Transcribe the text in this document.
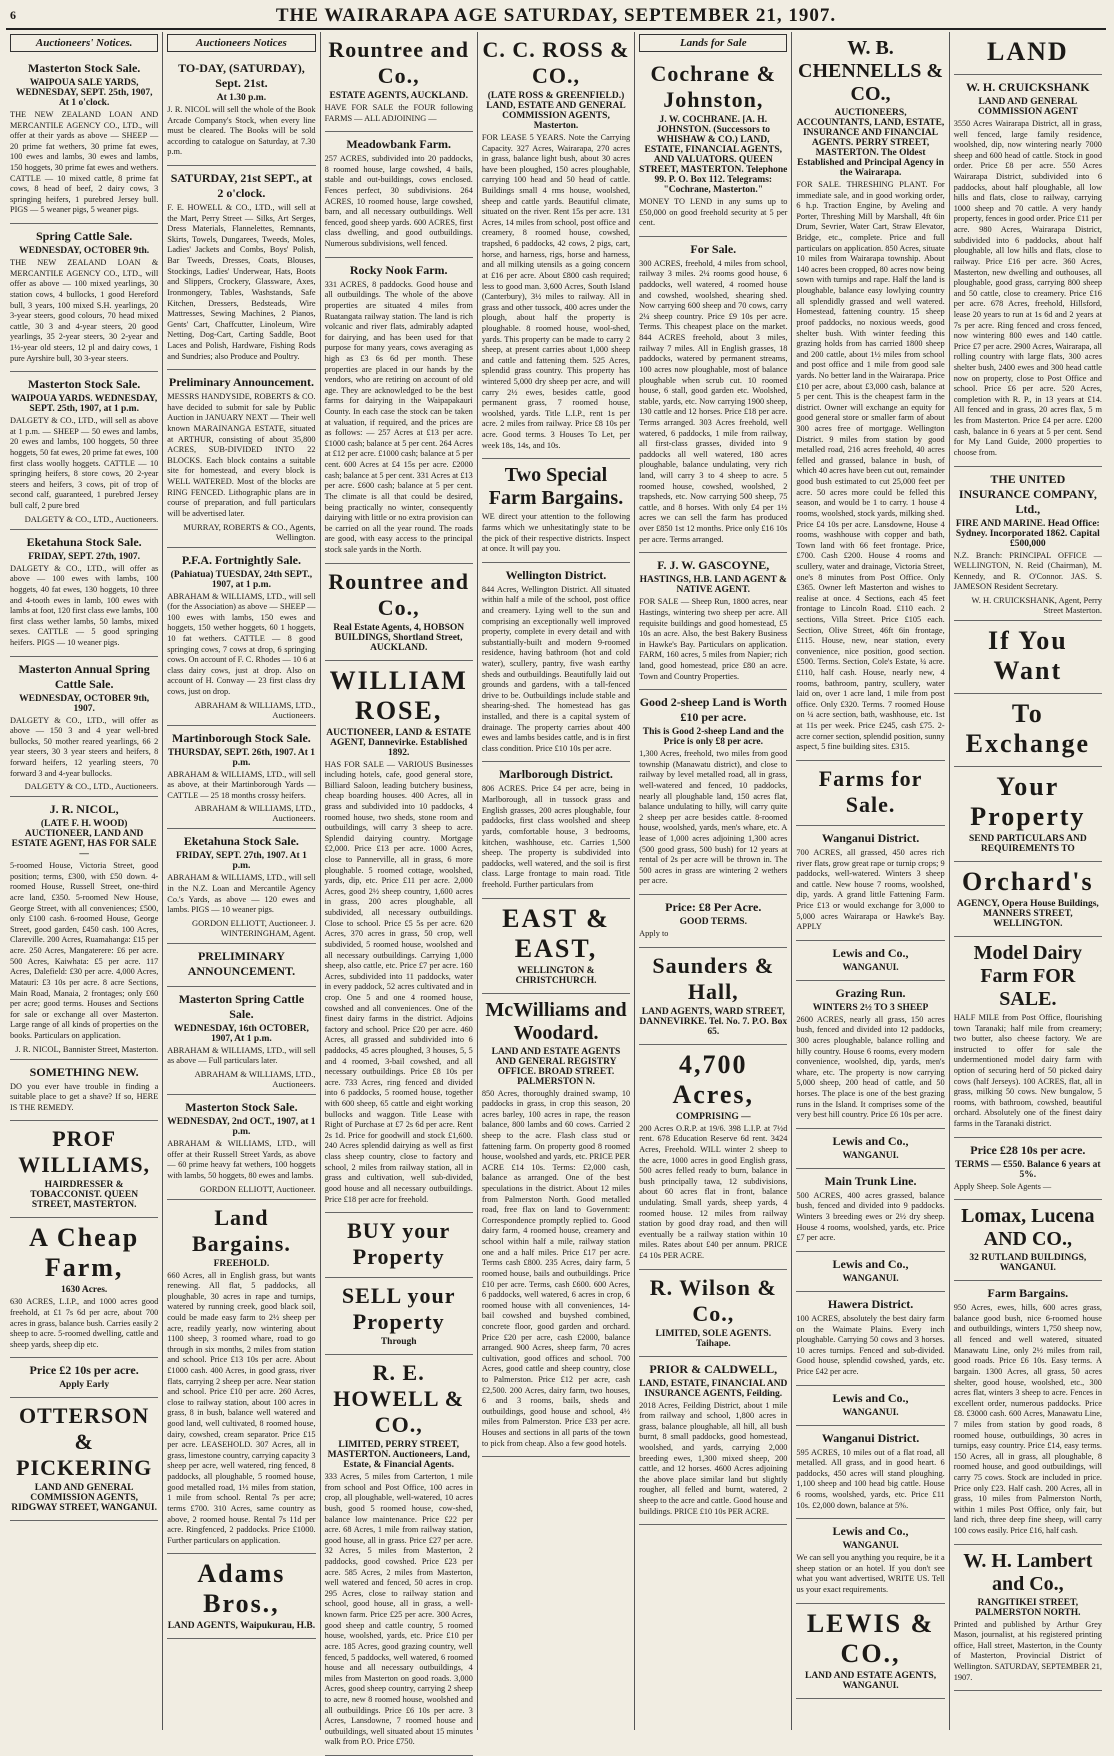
6	THE WAIRARAPA AGE SATURDAY, SEPTEMBER 21, 1907.
Auctioneers' Notices.
Masterton Stock Sale.
WAIPOUA SALE YARDS, WEDNESDAY, SEPT. 25th, 1907, At 1 o'clock.
THE NEW ZEALAND LOAN AND MERCANTILE AGENCY CO., LTD., will offer at their yards as above — SHEEP — 20 prime fat wethers, 30 prime fat ewes, 100 ewes and lambs, 30 ewes and lambs, 150 hoggets, 30 prime fat ewes and wethers. CATTLE — 10 mixed cattle, 8 prime fat cows, 8 head of beef, 2 dairy cows, 3 springing heifers, 1 purebred Jersey bull. PIGS — 5 weaner pigs, 5 weaner pigs.
Spring Cattle Sale.
WEDNESDAY, OCTOBER 9th.
THE NEW ZEALAND LOAN & MERCANTILE AGENCY CO., LTD., will offer as above — 100 mixed yearlings, 30 station cows, 4 bullocks, 1 good Hereford bull, 3 years, 100 mixed S.H. yearlings, 20 3-year steers, good colours, 70 head mixed cattle, 30 3 and 4-year steers, 20 good yearlings, 35 2-year steers, 30 2-year and 1½-year old steers, 12 pl and dairy cows, 1 pure Ayrshire bull, 30 3-year steers.
Masterton Stock Sale.
WAIPOUA YARDS. WEDNESDAY, SEPT. 25th, 1907, at 1 p.m.
DALGETY & CO., LTD., will sell as above at 1 p.m. — SHEEP — 50 ewes and lambs, 20 ewes and lambs, 100 hoggets, 50 three hoggets, 50 fat ewes, 20 prime fat ewes, 100 first class woolly hoggets. CATTLE — 10 springing heifers, 8 store cows, 20 2-year steers and heifers, 3 cows, pit of trop of second calf, guaranteed, 1 purebred Jersey bull calf, 2 pure bred
DALGETY & CO., LTD., Auctioneers.
Eketahuna Stock Sale.
FRIDAY, SEPT. 27th, 1907.
DALGETY & CO., LTD., will offer as above — 100 ewes with lambs, 100 hoggets, 40 fat ewes, 130 hoggets, 10 three and 4-tooth ewes in lamb, 100 ewes with lambs at foot, 120 first class ewe lambs, 100 first class wether lambs, 50 lambs, mixed sexes. CATTLE — 5 good springing heifers. PIGS — 10 weaner pigs.
Masterton Annual Spring Cattle Sale.
WEDNESDAY, OCTOBER 9th, 1907.
DALGETY & CO., LTD., will offer as above — 150 3 and 4 year well-bred bullocks, 50 mother reared yearlings, 66 2 year steers, 30 3 year steers and heifers, 8 forward heifers, 12 yearling steers, 70 forward 3 and 4-year bullocks.
DALGETY & CO., LTD., Auctioneers.
J. R. NICOL,
(LATE F. H. WOOD) AUCTIONEER, LAND AND ESTATE AGENT, HAS FOR SALE —
5-roomed House, Victoria Street, good position; terms, £300, with £50 down. 4-roomed House, Russell Street, one-third acre land, £350. 5-roomed New House, George Street, with all conveniences; £500, only £100 cash. 6-roomed House, George Street, good garden, £450 cash. 100 Acres, Clareville. 200 Acres, Ruamahanga: £15 per acre. 250 Acres, Mangaterere: £6 per acre. 500 Acres, Kaiwhata: £5 per acre. 117 Acres, Dalefield: £30 per acre. 4,000 Acres, Matauri: £3 10s per acre. 8 acre Sections, Main Road, Manaia, 2 frontages; only £60 per acre; good terms. Houses and Sections for sale or exchange all over Masterton. Large range of all kinds of properties on the books. Particulars on application.
J. R. NICOL, Bannister Street, Masterton.
SOMETHING NEW.
DO you ever have trouble in finding a suitable place to get a shave? If so, HERE IS THE REMEDY.
PROF WILLIAMS,
HAIRDRESSER & TOBACCONIST. QUEEN STREET, MASTERTON.
A Cheap Farm,
1630 Acres.
630 ACRES, L.I.P., and 1000 acres good freehold, at £1 7s 6d per acre, about 700 acres in grass, balance bush. Carries easily 2 sheep to acre. 5-roomed dwelling, cattle and sheep yards, sheep dip etc.
Price £2 10s per acre.
Apply Early
OTTERSON & PICKERING
LAND AND GENERAL COMMISSION AGENTS, RIDGWAY STREET, WANGANUI.
Auctioneers Notices
TO-DAY, (SATURDAY), Sept. 21st.
At 1.30 p.m.
J. R. NICOL will sell the whole of the Book Arcade Company's Stock, when every line must be cleared. The Books will be sold according to catalogue on Saturday, at 7.30 p.m.
SATURDAY, 21st SEPT., at 2 o'clock.
F. E. HOWELL & CO., LTD., will sell at the Mart, Perry Street — Silks, Art Serges, Dress Materials, Flannelettes, Remnants, Skirts, Towels, Dungarees, Tweeds, Moles, Ladies' Jackets and Combs, Boys' Polish, Bar Tweeds, Dresses, Coats, Blouses, Stockings, Ladies' Underwear, Hats, Boots and Slippers, Crockery, Glassware, Axes, Ironmongery, Tables, Washstands, Safe Kitchen, Dressers, Bedsteads, Wire Mattresses, Sewing Machines, 2 Pianos, Gents' Cart, Chaffcutter, Linoleum, Wire Netting, Dog-Cart, Carting Saddle, Boot Laces and Polish, Hardware, Fishing Rods and Sundries; also Produce and Poultry.
Preliminary Announcement.
MESSRS HANDYSIDE, ROBERTS & CO. have decided to submit for sale by Public Auction in JANUARY NEXT — Their well known MARAINANGA ESTATE, situated at ARTHUR, consisting of about 35,800 ACRES, SUB-DIVIDED INTO 22 BLOCKS. Each block contains a suitable site for homestead, and every block is WELL WATERED. Most of the blocks are RING FENCED. Lithographic plans are in course of preparation, and full particulars will be advertised later.
MURRAY, ROBERTS & CO., Agents, Wellington.
P.F.A. Fortnightly Sale.
(Pahiatua) TUESDAY, 24th SEPT., 1907, at 1 p.m.
ABRAHAM & WILLIAMS, LTD., will sell (for the Association) as above — SHEEP — 100 ewes with lambs, 150 ewes and hoggets, 150 wether hoggets, 60 1 hoggets, 10 fat wethers. CATTLE — 8 good springing cows, 7 cows at drop, 6 springing cows. On account of F. C. Rhodes — 10 6 at class dairy cows, just at drop. Also on account of H. Conway — 23 first class dry cows, just on drop.
ABRAHAM & WILLIAMS, LTD., Auctioneers.
Martinborough Stock Sale.
THURSDAY, SEPT. 26th, 1907. At 1 p.m.
ABRAHAM & WILLIAMS, LTD., will sell as above, at their Martinborough Yards — CATTLE — 25 18 months crossy heifers.
ABRAHAM & WILLIAMS, LTD., Auctioneers.
Eketahuna Stock Sale.
FRIDAY, SEPT. 27th, 1907. At 1 p.m.
ABRAHAM & WILLIAMS, LTD., will sell in the N.Z. Loan and Mercantile Agency Co.'s Yards, as above — 120 ewes and lambs. PIGS — 10 weaner pigs.
GORDON ELLIOTT, Auctioneer. J. WINTERINGHAM, Agent.
PRELIMINARY ANNOUNCEMENT.
Masterton Spring Cattle Sale.
WEDNESDAY, 16th OCTOBER, 1907, At 1 p.m.
ABRAHAM & WILLIAMS, LTD., will sell as above — Full particulars later.
ABRAHAM & WILLIAMS, LTD., Auctioneers.
Masterton Stock Sale.
WEDNESDAY, 2nd OCT., 1907, at 1 p.m.
ABRAHAM & WILLIAMS, LTD., will offer at their Russell Street Yards, as above — 60 prime heavy fat wethers, 100 hoggets with lambs, 50 hoggets, 80 ewes and lambs.
GORDON ELLIOTT, Auctioneer.
Land Bargains.
FREEHOLD.
660 Acres, all in English grass, but wants renewing. All flat, 5 paddocks, all ploughable, 30 acres in rape and turnips, watered by running creek, good black soil, could be made easy farm to 2½ sheep per acre, readily yearly, now wintering about 1100 sheep, 3 roomed whare, road to go through in six months, 2 miles from station and school. Price £13 10s per acre. About £1000 cash. 400 Acres, in good grass, river flats, carrying 2 sheep per acre. Near station and school. Price £10 per acre. 260 Acres, close to railway station, about 100 acres in grass, 8 in bush, balance well watered and good land, well cultivated, 8 roomed house, dairy, cowshed, cream separator. Price £15 per acre. LEASEHOLD. 307 Acres, all in grass, limestone country, carrying capacity 3 sheep per acre, well watered, ring fenced, 8 paddocks, all ploughable, 5 roomed house, good metalled road, 1½ miles from station, 1 mile from school. Rental 7s per acre; terms £700. 310 Acres, same country as above, 2 roomed house. Rental 7s 11d per acre. Ringfenced, 2 paddocks. Price £1000. Further particulars on application.
Adams Bros.,
LAND AGENTS, Waipukurau, H.B.
Rountree and Co.,
ESTATE AGENTS, AUCKLAND.
HAVE FOR SALE the FOUR following FARMS — ALL ADJOINING —
Meadowbank Farm.
257 ACRES, subdivided into 20 paddocks, 8 roomed house, large cowshed, 4 bails, stable and out-buildings, cows enclosed. Fences perfect, 30 subdivisions. 264 ACRES, 10 roomed house, large cowshed, barn, and all necessary outbuildings. Well fenced, good sheep yards. 600 ACRES, first class dwelling, and good outbuildings. Numerous subdivisions, well fenced.
Rocky Nook Farm.
331 ACRES, 8 paddocks. Good house and all outbuildings. The whole of the above properties are situated 4 miles from Ruatangata railway station. The land is rich volcanic and river flats, admirably adapted for dairying, and has been used for that purpose for many years, cows averaging as high as £3 6s 6d per month. These properties are placed in our hands by the vendors, who are retiring on account of old age. They are acknowledged to be the best farms for dairying in the Waipapakauri County. In each case the stock can be taken at valuation, if required, and the prices are as follows: — 257 Acres at £13 per acre. £1000 cash; balance at 5 per cent. 264 Acres at £12 per acre. £1000 cash; balance at 5 per cent. 600 Acres at £4 15s per acre. £2000 cash; balance at 5 per cent. 331 Acres at £13 per acre. £600 cash; balance at 5 per cent. The climate is all that could be desired, being practically no winter, consequently dairying with little or no extra provision can be carried on all the year round. The roads are good, with easy access to the principal stock sale yards in the North.
Rountree and Co.,
Real Estate Agents, 4, HOBSON BUILDINGS, Shortland Street, AUCKLAND.
WILLIAM ROSE,
AUCTIONEER, LAND & ESTATE AGENT, Dannevirke. Established 1892.
HAS FOR SALE — VARIOUS Businesses including hotels, cafe, good general store, Billiard Saloon, leading butchery business, cheap boarding houses. 400 Acres, all in grass and subdivided into 10 paddocks, 4 roomed house, two sheds, stone room and outbuildings, will carry 3 sheep to acre. Splendid dairying country. Mortgage £2,000. Price £13 per acre. 1000 Acres, close to Pannerville, all in grass, 6 more ploughable. 5 roomed cottage, woolshed, yards, dip, etc. Price £11 per acre. 2,000 Acres, good 2½ sheep country, 1,600 acres in grass, 200 acres ploughable, all subdivided, all necessary outbuildings. Close to school. Price £5 5s per acre. 620 Acres, 370 acres in grass, 50 crop, well subdivided, 5 roomed house, woolshed and all necessary outbuildings. Carrying 1,000 sheep, also cattle, etc. Price £7 per acre. 160 Acres, subdivided into 11 paddocks, water in every paddock, 52 acres cultivated and in crop. One 5 and one 4 roomed house, cowshed and all conveniences. One of the finest dairy farms in the district. Adjoins factory and school. Price £20 per acre. 460 Acres, all grassed and subdivided into 6 paddocks, 45 acres ploughed, 3 houses, 5, 5 and 4 roomed, 3-bail cowshed, and all necessary outbuildings. Price £8 10s per acre. 733 Acres, ring fenced and divided into 6 paddocks, 5 roomed house, together with 600 sheep, 65 cattle and eight working bullocks and waggon. Title Lease with Right of Purchase at £7 2s 6d per acre. Rent 2s 1d. Price for goodwill and stock £1,600. 240 Acres splendid dairying as well as first class sheep country, close to factory and school, 2 miles from railway station, all in grass and cultivation, well sub-divided, good house and all necessary outbuildings. Price £18 per acre for freehold.
BUY your Property
SELL your Property
Through
R. E. HOWELL & CO.,
LIMITED, PERRY STREET, MASTERTON. Auctioneers, Land, Estate, & Financial Agents.
333 Acres, 5 miles from Carterton, 1 mile from school and Post Office, 100 acres in crop, all ploughable, well-watered, 10 acres bush, good 5 roomed house, cow-shed, balance low maintenance. Price £22 per acre. 68 Acres, 1 mile from railway station, good house, all in grass. Price £27 per acre. 32 Acres, 5 miles from Masterton, 2 paddocks, good cowshed. Price £23 per acre. 585 Acres, 2 miles from Masterton, well watered and fenced, 50 acres in crop. 295 Acres, close to railway station and school, good house, all in grass, a well-known farm. Price £25 per acre. 300 Acres, good sheep and cattle country, 5 roomed house, woolshed, yards, etc. Price £10 per acre. 185 Acres, good grazing country, well fenced, 5 paddocks, well watered, 6 roomed house and all necessary outbuildings, 4 miles from Masterton on good roads. 3,000 Acres, good sheep country, carrying 2 sheep to acre, new 8 roomed house, woolshed and all outbuildings. Price £6 10s per acre. 3 Acres, Lansdowne, 7 roomed house and outbuildings, well situated about 15 minutes walk from P.O. Price £750.
C. C. ROSS & CO.,
(LATE ROSS & GREENFIELD.) LAND, ESTATE AND GENERAL COMMISSION AGENTS, Masterton.
FOR LEASE 5 YEARS. Note the Carrying Capacity. 327 Acres, Wairarapa, 270 acres in grass, balance light bush, about 30 acres have been ploughed, 150 acres ploughable, carrying 100 head and 50 head of cattle. Buildings small 4 rms house, woolshed, sheep and cattle yards. Beautiful climate, situated on the river. Rent 15s per acre. 131 Acres, 14 miles from school, post office and creamery, 8 roomed house, cowshed, trapshed, 6 paddocks, 42 cows, 2 pigs, cart, horse, and harness, rigs, horse and harness, and all milking utensils as a going concern at £16 per acre. About £800 cash required; less to good man. 3,600 Acres, South Island (Canterbury), 3½ miles to railway. All in grass and other tussock, 400 acres under the plough, about half the property is ploughable. 8 roomed house, wool-shed, yards. This property can be made to carry 2 sheep, at present carries about 1,000 sheep and cattle and fattening them. 525 Acres, splendid grass country. This property has wintered 5,000 dry sheep per acre, and will carry 2½ ewes, besides cattle, good permanent grass, 7 roomed house, woolshed, yards. Title L.I.P., rent 1s per acre. 2 miles from railway. Price £8 10s per acre. Good terms. 3 Houses To Let, per week 18s, 14s, and 10s.
Two Special Farm Bargains.
WE direct your attention to the following farms which we unhesitatingly state to be the pick of their respective districts. Inspect at once. It will pay you.
Wellington District.
844 Acres, Wellington District. All situated within half a mile of the school, post office and creamery. Lying well to the sun and comprising an exceptionally well improved property, complete in every detail and with substantially-built and modern 9-roomed residence, having bathroom (hot and cold water), scullery, pantry, five wash earthy sheds and outbuildings. Beautifully laid out grounds and gardens, with a tall-fenced drive to be. Outbuildings include stable and shearing-shed. The homestead has gas installed, and there is a capital system of drainage. The property carries about 400 ewes and lambs besides cattle, and is in first class condition. Price £10 10s per acre.
Marlborough District.
806 ACRES. Price £4 per acre, being in Marlborough, all in tussock grass and English grasses, 200 acres ploughable, four paddocks, first class woolshed and sheep yards, comfortable house, 3 bedrooms, kitchen, washhouse, etc. Carries 1,500 sheep. The property is subdivided into paddocks, well watered, and the soil is first class. Large frontage to main road. Title freehold. Further particulars from
EAST & EAST,
WELLINGTON & CHRISTCHURCH.
McWilliams and Woodard.
LAND AND ESTATE AGENTS AND GENERAL REGISTRY OFFICE. BROAD STREET. PALMERSTON N.
850 Acres, thoroughly drained swamp, 10 paddocks in grass, in crop this season, 20 acres barley, 100 acres in rape, the reason balance, 800 lambs and 60 cows. Carried 2 sheep to the acre. Flash class stud or fattening farm. On property good 8 roomed house, woolshed and yards, etc. PRICE PER ACRE £14 10s. Terms: £2,000 cash, balance as arranged. One of the best speculations in the district. About 12 miles from Palmerston North. Good metalled road, free flax on land to Government: Correspondence promptly replied to. Good dairy farm, 4 roomed house, creamery and school within half a mile, railway station one and a half miles. Price £17 per acre. Terms cash £800. 235 Acres, dairy farm, 5 roomed house, bails and outbuildings. Price £10 per acre. Terms, cash £600. 600 Acres, 6 paddocks, well watered, 6 acres in crop, 6 roomed house with all conveniences, 14-bail cowshed and buyshed combined, concrete floor, good garden and orchard. Price £20 per acre, cash £2000, balance arranged. 900 Acres, sheep farm, 70 acres cultivation, good offices and school. 700 Acres, good cattle and sheep country, close to Palmerston. Price £12 per acre, cash £2,500. 200 Acres, dairy farm, two houses, 6 and 3 rooms, bails, sheds and outbuildings, good house and school, 4½ miles from Palmerston. Price £33 per acre. Houses and sections in all parts of the town to pick from cheap. Also a few good hotels.
Lands for Sale
Cochrane & Johnston,
J. W. COCHRANE. [A. H. JOHNSTON. (Successors to WHISHAW & CO.) LAND, ESTATE, FINANCIAL AGENTS, AND VALUATORS. QUEEN STREET, MASTERTON. Telephone 99. P. O. Box 112. Telegrams: "Cochrane, Masterton."
MONEY TO LEND in any sums up to £50,000 on good freehold security at 5 per cent.
For Sale.
300 ACRES, freehold, 4 miles from school, railway 3 miles. 2¼ rooms good house, 6 paddocks, well watered, 4 roomed house and cowshed, woolshed, shearing shed. Now carrying 600 sheep and 70 cows, carry 2¼ sheep country. Price £9 10s per acre. Terms. This cheapest place on the market. 844 ACRES freehold, about 3 miles, railway 7 miles. All in English grasses, 18 paddocks, watered by permanent streams, 100 acres now ploughable, most of balance ploughable when scrub cut. 10 roomed house, 6 stall, good garden etc. Woolshed, stable, yards, etc. Now carrying 1900 sheep, 130 cattle and 12 horses. Price £18 per acre. Terms arranged. 303 Acres freehold, well watered, 6 paddocks, 1 mile from railway, all first-class grasses, divided into 9 paddocks all well watered, 180 acres ploughable, balance undulating, very rich land, will carry 3 to 4 sheep to acre. 5 roomed house, cowshed, woolshed, 2 trapsheds, etc. Now carrying 500 sheep, 75 cattle, and 8 horses. With only £4 per 1½ acres we can sell the farm has produced over £850 1st 12 months. Price only £16 10s per acre. Terms arranged.
F. J. W. GASCOYNE,
HASTINGS, H.B. LAND AGENT & NATIVE AGENT.
FOR SALE — Sheep Run, 1800 acres, near Hastings, wintering two sheep per acre. All requisite buildings and good homestead, £5 10s an acre. Also, the best Bakery Business in Hawke's Bay. Particulars on application. FARM, 160 acres, 5 miles from Napier; rich land, good homestead, price £80 an acre. Town and Country Properties.
Good 2-sheep Land is Worth £10 per acre.
This is Good 2-sheep Land and the Price is only £8 per acre.
1,300 Acres, freehold, two miles from good township (Manawatu district), and close to railway by level metalled road, all in grass, well-watered and fenced, 10 paddocks, nearly all ploughable land, 150 acres flat, balance undulating to hilly, will carry quite 2 sheep per acre besides cattle. 8-roomed house, woolshed, yards, men's whare, etc. A lease of 1,000 acres adjoining 1,300 acres (500 good grass, 500 bush) for 12 years at rental of 2s per acre will be thrown in. The 500 acres in grass are wintering 2 wethers per acre.
Price: £8 Per Acre.
GOOD TERMS.
Apply to
Saunders & Hall,
LAND AGENTS, WARD STREET, DANNEVIRKE. Tel. No. 7. P.O. Box 65.
4,700 Acres,
COMPRISING —
200 Acres O.R.P. at 19/6. 398 L.I.P. at 7½d rent. 678 Education Reserve 6d rent. 3424 Acres, Freehold. WILL winter 2 sheep to the acre, 1000 acres in good English grass, 500 acres felled ready to burn, balance in bush principally tawa, 12 subdivisions, about 60 acres flat in front, balance undulating. Small yards, sheep yards, 4 roomed house. 12 miles from railway station by good dray road, and then will eventually be a railway station within 10 miles. Rates about £40 per annum. PRICE £4 10s PER ACRE.
R. Wilson & Co.,
LIMITED, SOLE AGENTS. Taihape.
PRIOR & CALDWELL,
LAND, ESTATE, FINANCIAL AND INSURANCE AGENTS, Feilding.
2018 Acres, Feilding District, about 1 mile from railway and school, 1,800 acres in grass, balance ploughable, all hill, all bush burnt, 8 small paddocks, good homestead, woolshed, and yards, carrying 2,000 breeding ewes, 1,300 mixed sheep, 200 cattle, and 12 horses. 4600 Acres adjoining the above place similar land but slightly rougher, all felled and burnt, watered, 2 sheep to the acre and cattle. Good house and buildings. PRICE £10 10s PER ACRE.
W. B. CHENNELLS & CO.,
AUCTIONEERS, ACCOUNTANTS, LAND, ESTATE, INSURANCE AND FINANCIAL AGENTS. PERRY STREET, MASTERTON. The Oldest Established and Principal Agency in the Wairarapa.
FOR SALE. THRESHING PLANT. For immediate sale, and in good working order, 6 h.p. Traction Engine, by Aveling and Porter, Threshing Mill by Marshall, 4ft 6in Drum, Sevrier, Water Cart, Straw Elevator, Bridge, etc., complete. Price and full particulars on application. 850 Acres, situate 10 miles from Wairarapa township. About 140 acres been cropped, 80 acres now being sown with turnips and rape. Half the land is ploughable, balance easy lowlying country all splendidly grassed and well watered. Homestead, fattening country. 15 sheep proof paddocks, no noxious weeds, good shelter bush. With winter feeding this grazing holds from has carried 1800 sheep and 200 cattle, about 1½ miles from school and post office and 1 mile from good sale yards. No better land in the Wairarapa. Price £10 per acre, about £3,000 cash, balance at 5 per cent. This is the cheapest farm in the district. Owner will exchange an equity for good general store or smaller farm of about 300 acres free of mortgage. Wellington District. 9 miles from station by good metalled road, 216 acres freehold, 40 acres felled and grassed, balance in bush, of which 40 acres have been cut out, remainder good bush estimated to cut 25,000 feet per acre. 50 acres more could be felled this season, and would be 1 to carry. 1 house 4 rooms, woolshed, stock yards, milking shed. Price £4 10s per acre. Lansdowne, House 4 rooms, washhouse with copper and bath, Town land with 66 feet frontage. Price, £700. Cash £200. House 4 rooms and scullery, water and drainage, Victoria Street, one's 8 minutes from Post Office. Only £365. Owner left Masterton and wishes to realise at once. 4 Sections, each 45 feet frontage to Lincoln Road. £110 each. 2 sections, Villa Street. Price £105 each. Section, Olive Street, 46ft 6in frontage, £115. House, new, near station, every convenience, nice position, good section. £500. Terms. Section, Cole's Estate, ¼ acre. £110, half cash. House, nearly new, 4 rooms, bathroom, pantry, scullery, water laid on, over 1 acre land, 1 mile from post office. Only £320. Terms. 7 roomed House on ¼ acre section, bath, washhouse, etc. 1st at 11s per week. Price £245, cash £75. 2-acre corner section, splendid position, sunny aspect, 5 fine building sites. £315.
Farms for Sale.
Wanganui District.
700 ACRES, all grassed, 450 acres rich river flats, grow great rape or turnip crops; 9 paddocks, well-watered. Winters 3 sheep and cattle. New house 7 rooms, woolshed, dip, yards. A grand little Fattening Farm. Price £13 or would exchange for 3,000 to 5,000 acres Wairarapa or Hawke's Bay. APPLY
Lewis and Co.,
WANGANUI.
Grazing Run.
WINTERS 2½ TO 3 SHEEP
2600 ACRES, nearly all grass, 150 acres bush, fenced and divided into 12 paddocks, 300 acres ploughable, balance rolling and hilly country. House 6 rooms, every modern convenience, woolshed, dip, yards, men's whare, etc. The property is now carrying 5,000 sheep, 200 head of cattle, and 50 horses. The place is one of the best grazing runs in the Island. It comprises some of the very best hill country. Price £6 10s per acre.
Lewis and Co.,
WANGANUI.
Main Trunk Line.
500 ACRES, 400 acres grassed, balance bush, fenced and divided into 9 paddocks. Winters 3 breeding ewes or 2½ dry sheep. House 4 rooms, woolshed, yards, etc. Price £7 per acre.
Lewis and Co.,
WANGANUI.
Hawera District.
100 ACRES, absolutely the best dairy farm on the Waimate Plains. Every inch ploughable. Carrying 50 cows and 3 horses. 10 acres turnips. Fenced and sub-divided. Good house, splendid cowshed, yards, etc. Price £42 per acre.
Lewis and Co.,
WANGANUI.
Wanganui District.
595 ACRES, 10 miles out of a flat road, all metalled. All grass, and in good heart. 6 paddocks, 450 acres will stand ploughing. 1,100 sheep and 100 head big cattle. House 6 rooms, woolshed, yards, etc. Price £11 10s. £2,000 down, balance at 5%.
Lewis and Co.,
WANGANUI.
We can sell you anything you require, be it a sheep station or an hotel. If you don't see what you want advertised, WRITE US. Tell us your exact requirements.
LEWIS & CO.,
LAND AND ESTATE AGENTS, WANGANUI.
LAND
W. H. CRUICKSHANK
LAND AND GENERAL COMMISSION AGENT
3550 Acres Wairarapa District, all in grass, well fenced, large family residence, woolshed, dip, now wintering nearly 7000 sheep and 600 head of cattle. Stock in good order. Price £8 per acre. 550 Acres Wairarapa District, subdivided into 6 paddocks, about half ploughable, all low hills and flats, close to railway, carrying 1000 sheep and 70 cattle. A very handy property, fences in good order. Price £11 per acre. 980 Acres, Wairarapa District, subdivided into 6 paddocks, about half ploughable, all low hills and flats, close to railway. Price £16 per acre. 360 Acres, Masterton, new dwelling and outhouses, all ploughable, good grass, carrying 800 sheep and 50 cattle, close to creamery. Price £16 per acre. 678 Acres, freehold, Hillsford, lease 20 years to run at 1s 6d and 2 years at 7s per acre. Ring fenced and cross fenced, now wintering 800 ewes and 140 cattle. Price £7 per acre. 2900 Acres, Wairarapa, all rolling country with large flats, 300 acres shelter bush, 2400 ewes and 300 head cattle now on property, close to Post Office and school. Price £6 per acre. 520 Acres, completion with R. P., in 13 years at £14. All fenced and in grass, 20 acres flax, 5 m les from Masterton. Price £4 per acre. £200 cash, balance in 6 years at 5 per cent. Send for My Land Guide, 2000 properties to choose from.
THE UNITED INSURANCE COMPANY, Ltd.,
FIRE AND MARINE. Head Office: Sydney. Incorporated 1862. Capital £500,000
N.Z. Branch: PRINCIPAL OFFICE — WELLINGTON, N. Reid (Chairman), M. Kennedy, and R. O'Connor. JAS. S. JAMESON Resident Secretary.
W. H. CRUICKSHANK, Agent, Perry Street Masterton.
If You Want
To Exchange
Your Property
SEND PARTICULARS AND REQUIREMENTS TO
Orchard's
AGENCY, Opera House Buildings, MANNERS STREET, WELLINGTON.
Model Dairy Farm FOR SALE.
HALF MILE from Post Office, flourishing town Taranaki; half mile from creamery; two butter, also cheese factory. We are instructed to offer for sale the undermentioned model dairy farm with option of securing herd of 50 picked dairy cows (half Jerseys). 100 ACRES, flat, all in grass, milking 50 cows. New bungalow, 5 rooms, with bathroom, cowshed, beautiful orchard. Absolutely one of the finest dairy farms in the Taranaki district.
Price £28 10s per acre.
TERMS — £550. Balance 6 years at 5%.
Apply Sheep. Sole Agents —
Lomax, Lucena AND CO.,
32 RUTLAND BUILDINGS, WANGANUI.
Farm Bargains.
950 Acres, ewes, hills, 600 acres grass, balance good bush, nice 6-roomed house and outbuildings, winters 1,750 sheep now, all fenced and well watered, situated Manawatu Line, only 2½ miles from rail, good roads. Price £6 10s. Easy terms. A bargain. 1300 Acres, all grass, 50 acres shelter, good house, woolshed, etc., 300 acres flat, winters 3 sheep to acre. Fences in excellent order, numerous paddocks. Price £8. £3000 cash. 600 Acres, Manawatu Line, 7 miles from station by good roads, 8 roomed house, outbuildings, 30 acres in turnips, easy country. Price £14, easy terms. 150 Acres, all in grass, all ploughable, 8 roomed house, and good outbuildings, will carry 75 cows. Stock are included in price. Price only £23. Half cash. 200 Acres, all in grass, 10 miles from Palmerston North, within 1 miles Post Office, only fair, but land rich, three deep fine sheep, will carry 100 cows easily. Price £16, half cash.
W. H. Lambert and Co.,
RANGITIKEI STREET, PALMERSTON NORTH.
Printed and published by Arthur Grey Mason, journalist, at his registered printing office, Hall street, Masterton, in the County of Masterton, Provincial District of Wellington. SATURDAY, SEPTEMBER 21, 1907.
